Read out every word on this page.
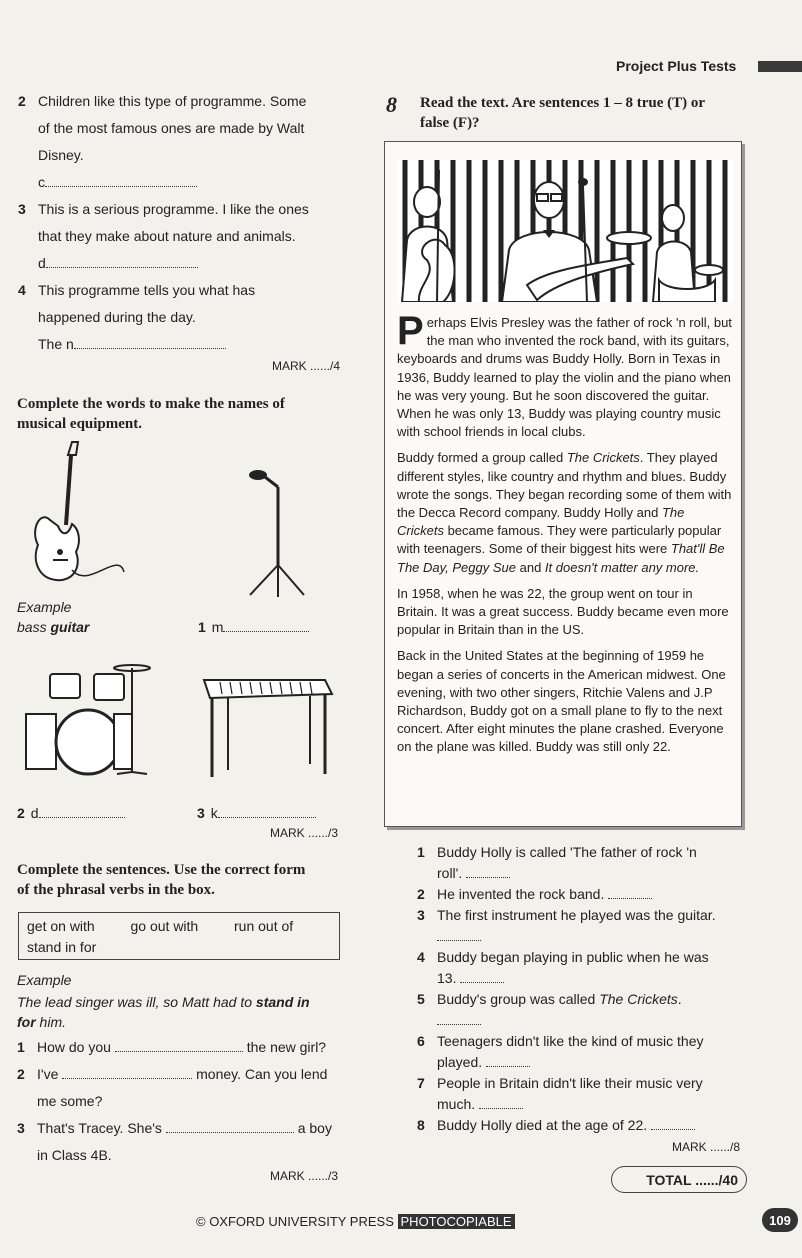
Project Plus Tests
2 Children like this type of programme. Some
of the most famous ones are made by Walt
Disney.
c
3 This is a serious programme. I like the ones
that they make about nature and animals.
d
4 This programme tells you what has
happened during the day.
The n
MARK ....../4
Complete the words to make the names of
musical equipment.
Example
bass guitar	1 m
2 d	3 k
MARK ....../3
Complete the sentences. Use the correct form
of the phrasal verbs in the box.
get on with	go out with	run out of
stand in for
Example
The lead singer was ill, so Matt had to stand in
for him.
1 How do you	the new girl?
2 I've	money. Can you lend
me some?
3 That's Tracey. She's	a boy
in Class 4B.
MARK ....../3
8 Read the text. Are sentences 1 – 8 true (T) or
false (F)?

Perhaps Elvis Presley was the father of rock 'n roll, but the man who invented the rock band, with its guitars, keyboards and drums was Buddy Holly. Born in Texas in 1936, Buddy learned to play the violin and the piano when he was very young. But he soon discovered the guitar. When he was only 13, Buddy was playing country music with school friends in local clubs.

Buddy formed a group called The Crickets. They played different styles, like country and rhythm and blues. Buddy wrote the songs. They began recording some of them with the Decca Record company. Buddy Holly and The Crickets became famous. They were particularly popular with teenagers. Some of their biggest hits were That'll Be The Day, Peggy Sue and It doesn't matter any more.

In 1958, when he was 22, the group went on tour in Britain. It was a great success. Buddy became even more popular in Britain than in the US.

Back in the United States at the beginning of 1959 he began a series of concerts in the American midwest. One evening, with two other singers, Ritchie Valens and J.P Richardson, Buddy got on a small plane to fly to the next concert. After eight minutes the plane crashed. Everyone on the plane was killed. Buddy was still only 22.

1 Buddy Holly is called 'The father of rock 'n
roll'.
2 He invented the rock band.
3 The first instrument he played was the guitar.
4 Buddy began playing in public when he was
13.
5 Buddy's group was called The Crickets.
6 Teenagers didn't like the kind of music they
played.
7 People in Britain didn't like their music very
much.
8 Buddy Holly died at the age of 22.
MARK ....../8
TOTAL ....../40
© OXFORD UNIVERSITY PRESS PHOTOCOPIABLE	109
